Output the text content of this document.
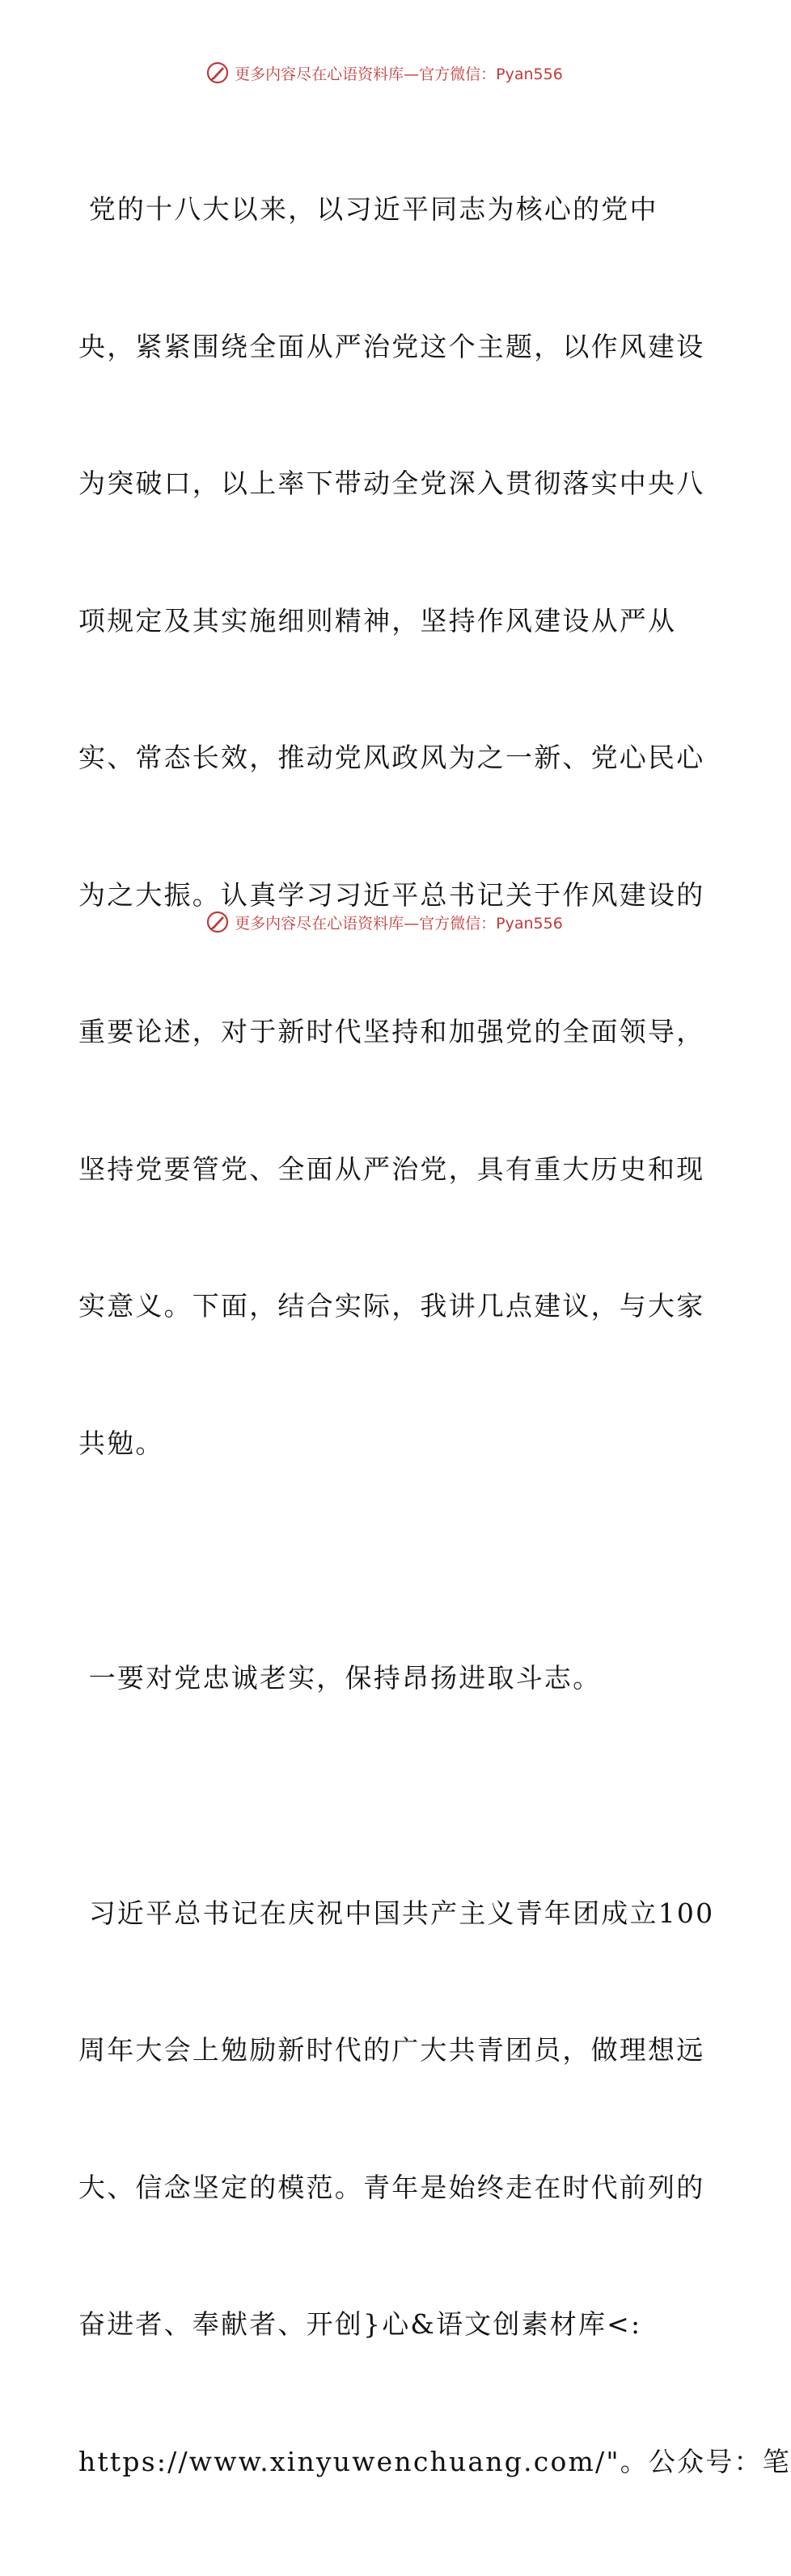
更多内容尽在心语资料库—官方微信：Pyan556

党的十八大以来，以习近平同志为核心的党中

央，紧紧围绕全面从严治党这个主题，以作风建设

为突破口，以上率下带动全党深入贯彻落实中央八

项规定及其实施细则精神，坚持作风建设从严从

实、常态长效，推动党风政风为之一新、党心民心

为之大振。认真学习习近平总书记关于作风建设的

重要论述，对于新时代坚持和加强党的全面领导，

坚持党要管党、全面从严治党，具有重大历史和现

实意义。下面，结合实际，我讲几点建议，与大家

共勉。

一要对党忠诚老实，保持昂扬进取斗志。

习近平总书记在庆祝中国共产主义青年团成立100

周年大会上勉励新时代的广大共青团员，做理想远

大、信念坚定的模范。青年是始终走在时代前列的

奋进者、奉献者、开创}心&语文创素材库<:

https://www.xinyuwenchuang.com/"。公众号：笔

更多内容尽在心语资料库—官方微信：Pyan556
